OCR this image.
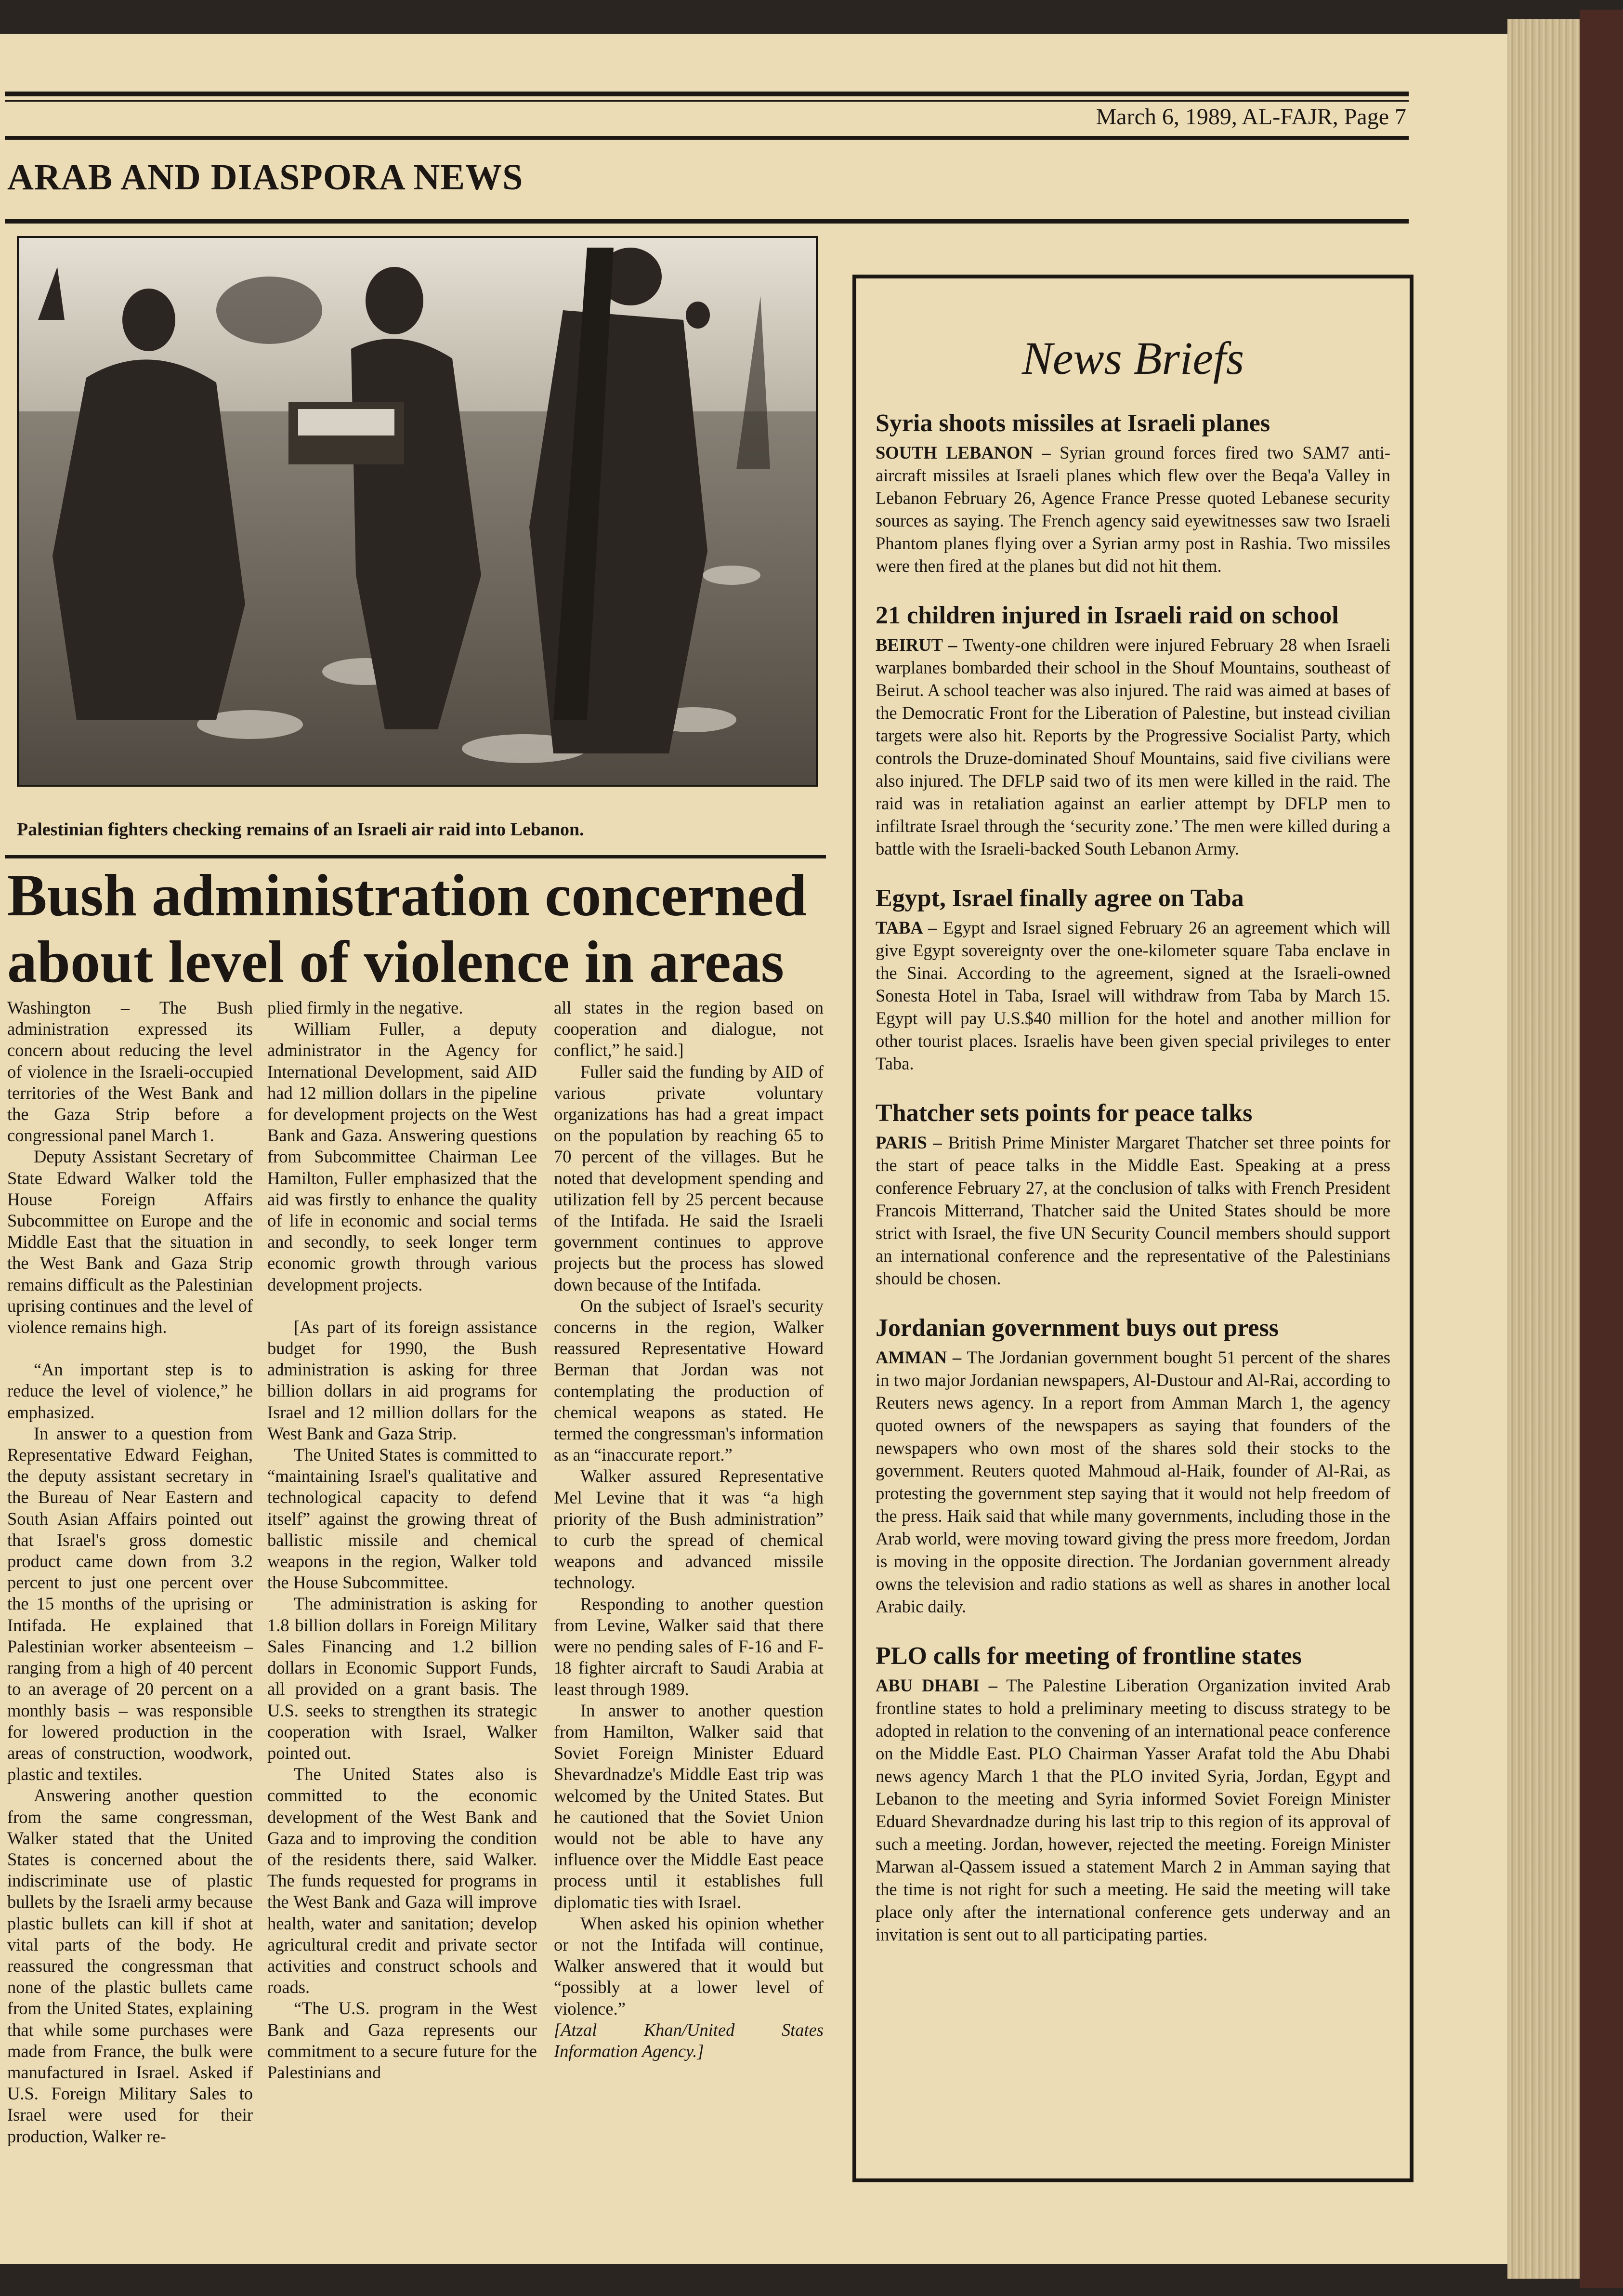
March 6, 1989, AL-FAJR, Page 7
ARAB AND DIASPORA NEWS
Palestinian fighters checking remains of an Israeli air raid into Lebanon.
Bush administration concerned about level of violence in areas

Washington – The Bush administration expressed its concern about reducing the level of violence in the Israeli-occupied territories of the West Bank and the Gaza Strip before a congressional panel March 1.

Deputy Assistant Secretary of State Edward Walker told the House Foreign Affairs Subcommittee on Europe and the Middle East that the situation in the West Bank and Gaza Strip remains difficult as the Palestinian uprising continues and the level of violence remains high.

“An important step is to reduce the level of violence,” he emphasized.

In answer to a question from Representative Edward Feighan, the deputy assistant secretary in the Bureau of Near Eastern and South Asian Affairs pointed out that Israel's gross domestic product came down from 3.2 percent to just one percent over the 15 months of the uprising or Intifada. He explained that Palestinian worker absenteeism – ranging from a high of 40 percent to an average of 20 percent on a monthly basis – was responsible for lowered production in the areas of construction, woodwork, plastic and textiles.

Answering another question from the same congressman, Walker stated that the United States is concerned about the indiscriminate use of plastic bullets by the Israeli army because plastic bullets can kill if shot at vital parts of the body. He reassured the congressman that none of the plastic bullets came from the United States, explaining that while some purchases were made from France, the bulk were manufactured in Israel. Asked if U.S. Foreign Military Sales to Israel were used for their production, Walker re-

plied firmly in the negative.

William Fuller, a deputy administrator in the Agency for International Development, said AID had 12 million dollars in the pipeline for development projects on the West Bank and Gaza. Answering questions from Subcommittee Chairman Lee Hamilton, Fuller emphasized that the aid was firstly to enhance the quality of life in economic and social terms and secondly, to seek longer term economic growth through various development projects.

[As part of its foreign assistance budget for 1990, the Bush administration is asking for three billion dollars in aid programs for Israel and 12 million dollars for the West Bank and Gaza Strip.

The United States is committed to “maintaining Israel's qualitative and technological capacity to defend itself” against the growing threat of ballistic missile and chemical weapons in the region, Walker told the House Subcommittee.

The administration is asking for 1.8 billion dollars in Foreign Military Sales Financing and 1.2 billion dollars in Economic Support Funds, all provided on a grant basis. The U.S. seeks to strengthen its strategic cooperation with Israel, Walker pointed out.

The United States also is committed to the economic development of the West Bank and Gaza and to improving the condition of the residents there, said Walker. The funds requested for programs in the West Bank and Gaza will improve health, water and sanitation; develop agricultural credit and private sector activities and construct schools and roads.

“The U.S. program in the West Bank and Gaza represents our commitment to a secure future for the Palestinians and

all states in the region based on cooperation and dialogue, not conflict,” he said.]

Fuller said the funding by AID of various private voluntary organizations has had a great impact on the population by reaching 65 to 70 percent of the villages. But he noted that development spending and utilization fell by 25 percent because of the Intifada. He said the Israeli government continues to approve projects but the process has slowed down because of the Intifada.

On the subject of Israel's security concerns in the region, Walker reassured Representative Howard Berman that Jordan was not contemplating the production of chemical weapons as stated. He termed the congressman's information as an “inaccurate report.”

Walker assured Representative Mel Levine that it was “a high priority of the Bush administration” to curb the spread of chemical weapons and advanced missile technology.

Responding to another question from Levine, Walker said that there were no pending sales of F-16 and F-18 fighter aircraft to Saudi Arabia at least through 1989.

In answer to another question from Hamilton, Walker said that Soviet Foreign Minister Eduard Shevardnadze's Middle East trip was welcomed by the United States. But he cautioned that the Soviet Union would not be able to have any influence over the Middle East peace process until it establishes full diplomatic ties with Israel.

When asked his opinion whether or not the Intifada will continue, Walker answered that it would but “possibly at a lower level of violence.”

[Atzal Khan/United States Information Agency.]

News Briefs
Syria shoots missiles at Israeli planes

SOUTH LEBANON – Syrian ground forces fired two SAM7 anti-aircraft missiles at Israeli planes which flew over the Beqa'a Valley in Lebanon February 26, Agence France Presse quoted Lebanese security sources as saying. The French agency said eyewitnesses saw two Israeli Phantom planes flying over a Syrian army post in Rashia. Two missiles were then fired at the planes but did not hit them.

21 children injured in Israeli raid on school

BEIRUT – Twenty-one children were injured February 28 when Israeli warplanes bombarded their school in the Shouf Mountains, southeast of Beirut. A school teacher was also injured. The raid was aimed at bases of the Democratic Front for the Liberation of Palestine, but instead civilian targets were also hit. Reports by the Progressive Socialist Party, which controls the Druze-dominated Shouf Mountains, said five civilians were also injured. The DFLP said two of its men were killed in the raid. The raid was in retaliation against an earlier attempt by DFLP men to infiltrate Israel through the ‘security zone.’ The men were killed during a battle with the Israeli-backed South Lebanon Army.

Egypt, Israel finally agree on Taba

TABA – Egypt and Israel signed February 26 an agreement which will give Egypt sovereignty over the one-kilometer square Taba enclave in the Sinai. According to the agreement, signed at the Israeli-owned Sonesta Hotel in Taba, Israel will withdraw from Taba by March 15. Egypt will pay U.S.$40 million for the hotel and another million for other tourist places. Israelis have been given special privileges to enter Taba.

Thatcher sets points for peace talks

PARIS – British Prime Minister Margaret Thatcher set three points for the start of peace talks in the Middle East. Speaking at a press conference February 27, at the conclusion of talks with French President Francois Mitterrand, Thatcher said the United States should be more strict with Israel, the five UN Security Council members should support an international conference and the representative of the Palestinians should be chosen.

Jordanian government buys out press

AMMAN – The Jordanian government bought 51 percent of the shares in two major Jordanian newspapers, Al-Dustour and Al-Rai, according to Reuters news agency. In a report from Amman March 1, the agency quoted owners of the newspapers as saying that founders of the newspapers who own most of the shares sold their stocks to the government. Reuters quoted Mahmoud al-Haik, founder of Al-Rai, as protesting the government step saying that it would not help freedom of the press. Haik said that while many governments, including those in the Arab world, were moving toward giving the press more freedom, Jordan is moving in the opposite direction. The Jordanian government already owns the television and radio stations as well as shares in another local Arabic daily.

PLO calls for meeting of frontline states

ABU DHABI – The Palestine Liberation Organization invited Arab frontline states to hold a preliminary meeting to discuss strategy to be adopted in relation to the convening of an international peace conference on the Middle East. PLO Chairman Yasser Arafat told the Abu Dhabi news agency March 1 that the PLO invited Syria, Jordan, Egypt and Lebanon to the meeting and Syria informed Soviet Foreign Minister Eduard Shevardnadze during his last trip to this region of its approval of such a meeting. Jordan, however, rejected the meeting. Foreign Minister Marwan al-Qassem issued a statement March 2 in Amman saying that the time is not right for such a meeting. He said the meeting will take place only after the international conference gets underway and an invitation is sent out to all participating parties.
